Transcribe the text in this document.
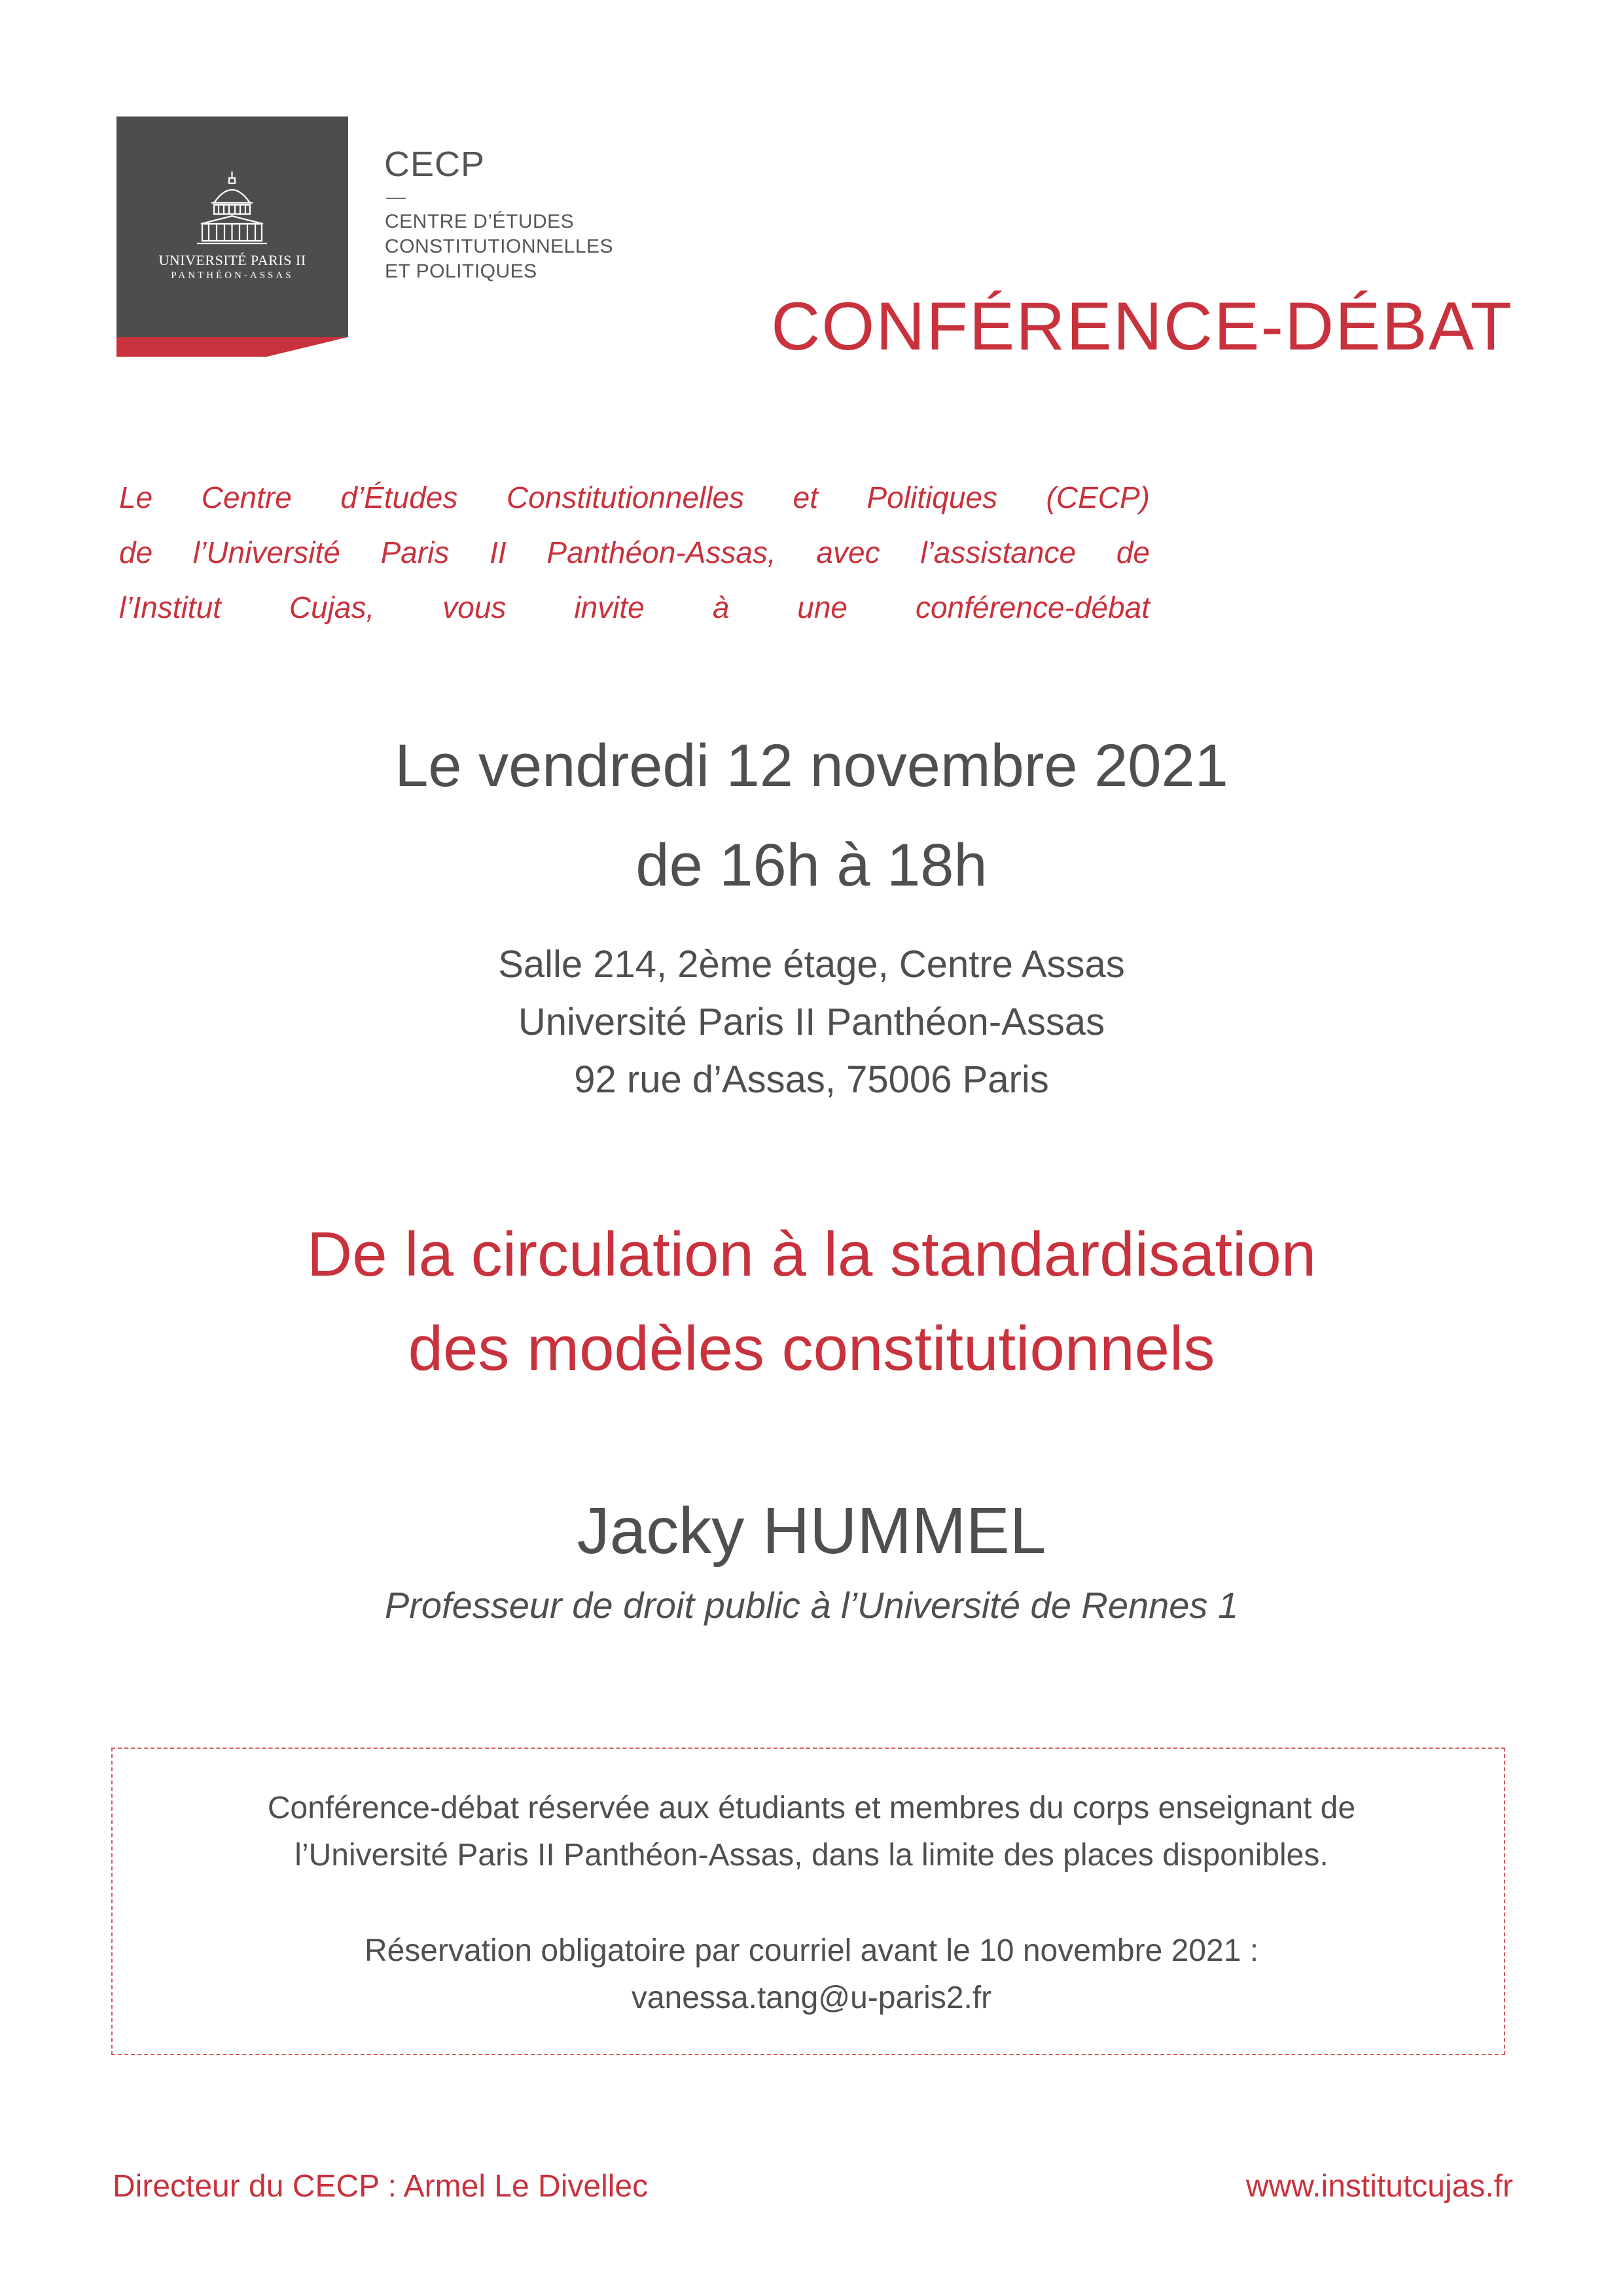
UNIVERSITÉ PARIS II
PANTHÉON-ASSAS
CECP
CENTRE D’ÉTUDES
CONSTITUTIONNELLES
ET POLITIQUES
CONFÉRENCE-DÉBAT
Le Centre d’Études Constitutionnelles et Politiques (CECP)
de l’Université Paris II Panthéon-Assas, avec l’assistance de
l’Institut Cujas, vous invite à une conférence-débat
Le vendredi 12 novembre 2021
de 16h à 18h
Salle 214, 2ème étage, Centre Assas
Université Paris II Panthéon-Assas
92 rue d’Assas, 75006 Paris
De la circulation à la standardisation
des modèles constitutionnels
Jacky HUMMEL
Professeur de droit public à l’Université de Rennes 1
Conférence-débat réservée aux étudiants et membres du corps enseignant de
l’Université Paris II Panthéon-Assas, dans la limite des places disponibles.
Réservation obligatoire par courriel avant le 10 novembre 2021 :
vanessa.tang@u-paris2.fr
Directeur du CECP : Armel Le Divellec	www.institutcujas.fr
